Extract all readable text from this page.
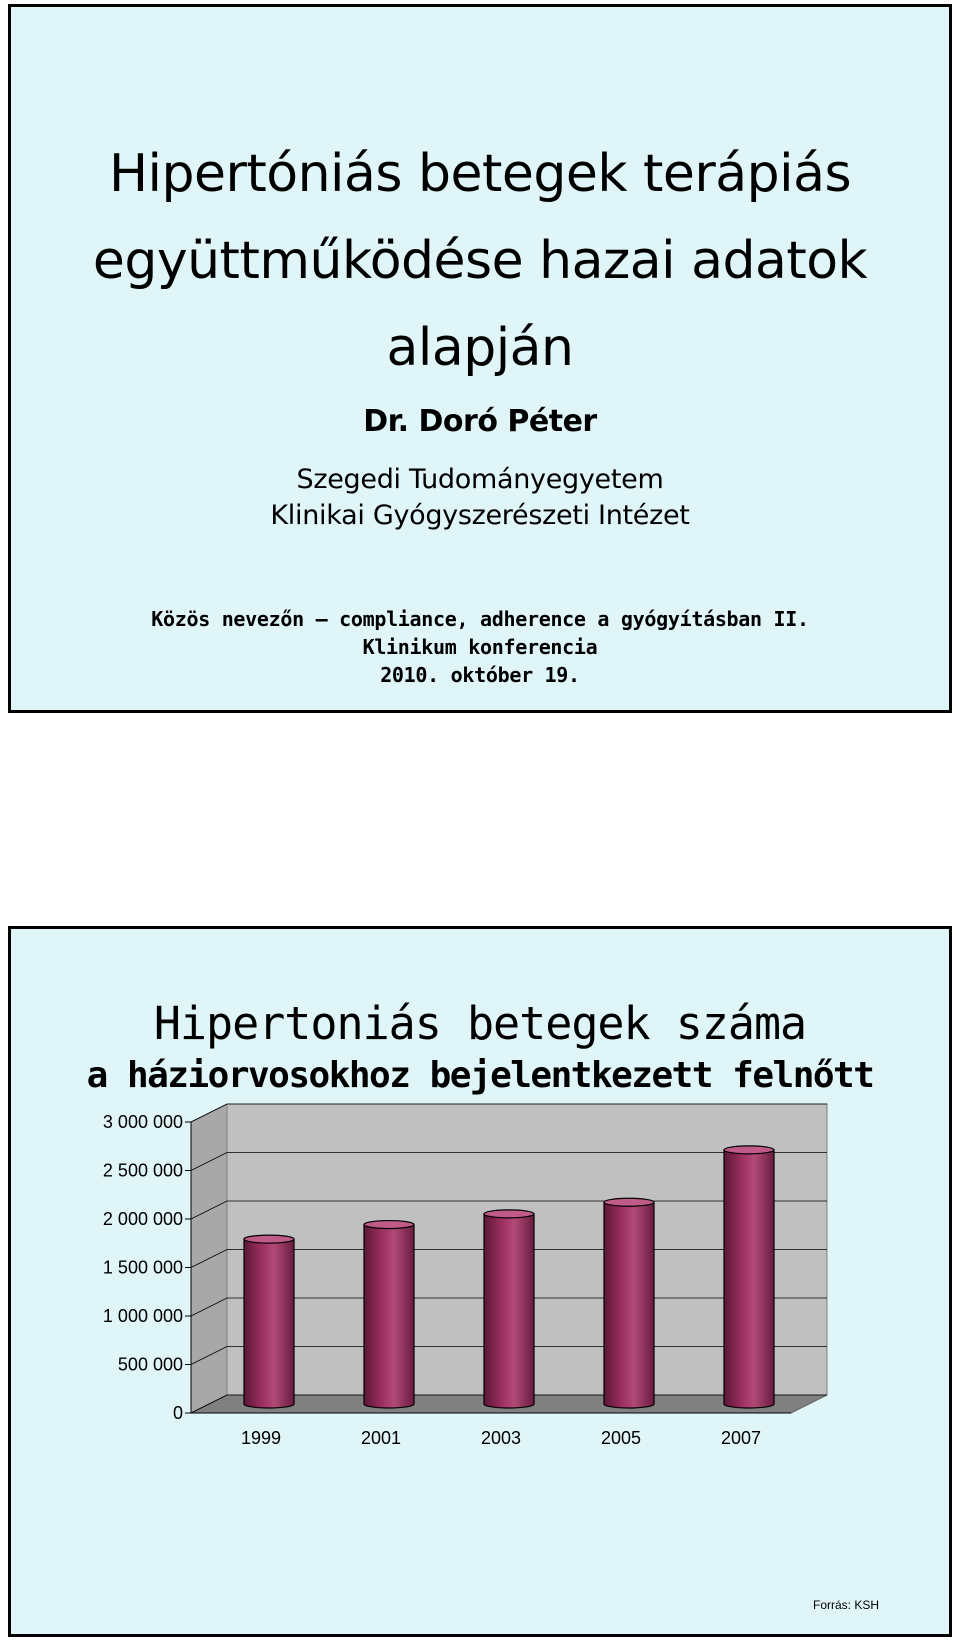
Hipertóniás betegek terápiás
együttműködése hazai adatok
alapján
Dr. Doró Péter
Szegedi Tudományegyetem
Klinikai Gyógyszerészeti Intézet
Közös nevezőn – compliance, adherence a gyógyításban II.
Klinikum konferencia
2010. október 19.
Hipertoniás betegek száma
a háziorvosokhoz bejelentkezett felnőtt
0
500 000
1 000 000
1 500 000
2 000 000
2 500 000
3 000 000
1999	2001	2003	2005	2007
Forrás: KSH
